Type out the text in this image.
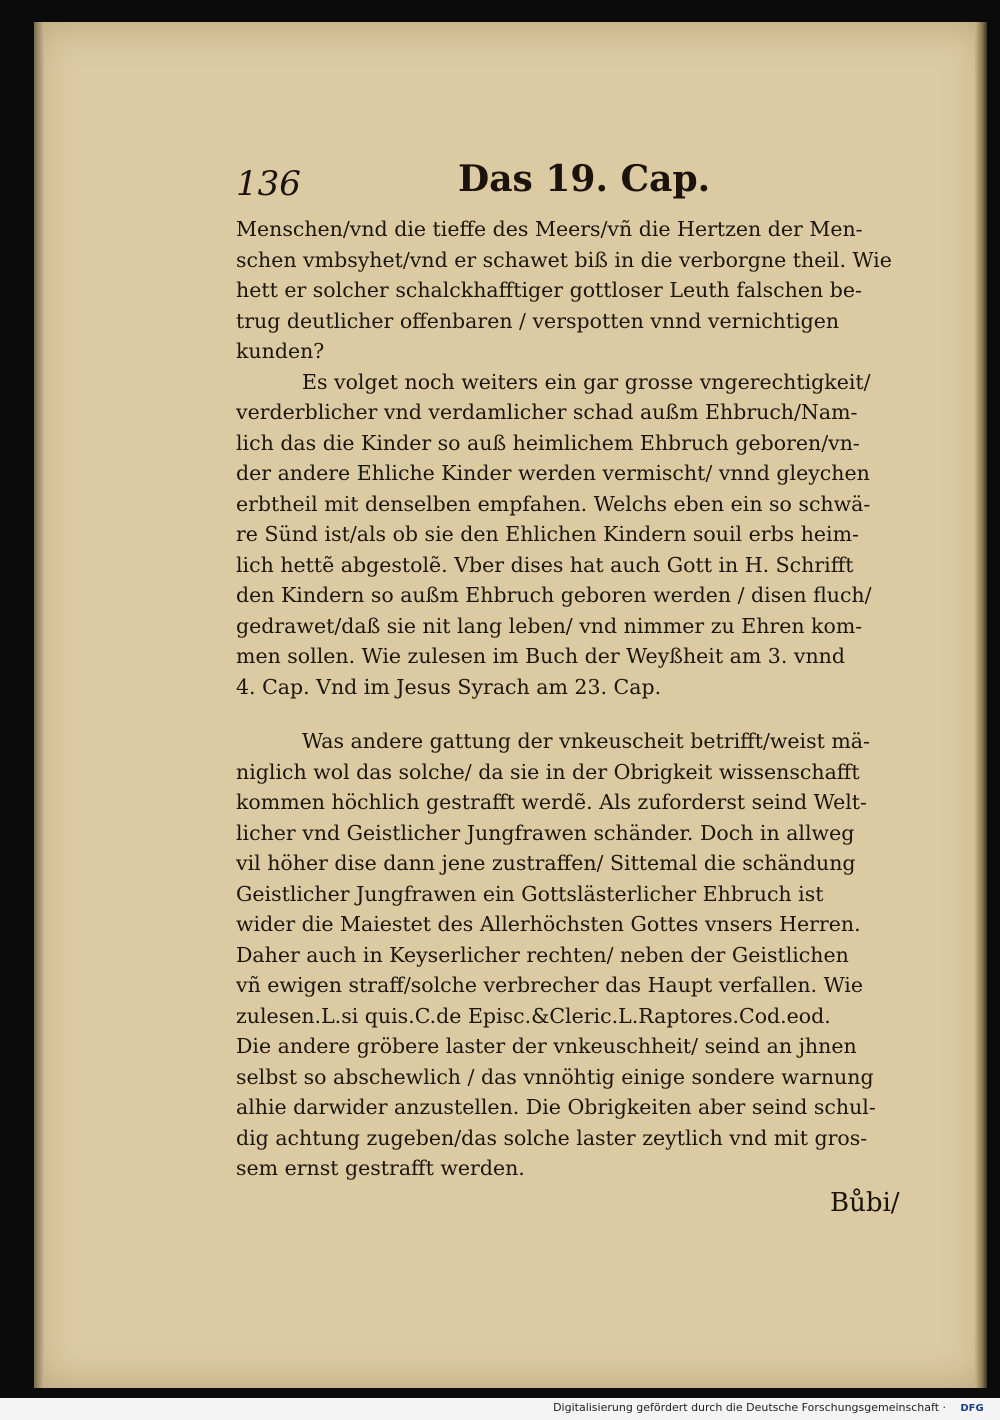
136	Das 19. Cap.
Menschen/vnd die tieffe des Meers/vñ die Hertzen der Men-
schen vmbsyhet/vnd er schawet biß in die verborgne theil. Wie
hett er solcher schalckhafftiger gottloser Leuth falschen be-
trug deutlicher offenbaren / verspotten vnnd vernichtigen
kunden?
Es volget noch weiters ein gar grosse vngerechtigkeit/
verderblicher vnd verdamlicher schad außm Ehbruch/Nam-
lich das die Kinder so auß heimlichem Ehbruch geboren/vn-
der andere Ehliche Kinder werden vermischt/ vnnd gleychen
erbtheil mit denselben empfahen. Welchs eben ein so schwä-
re Sünd ist/als ob sie den Ehlichen Kindern souil erbs heim-
lich hettẽ abgestolẽ. Vber dises hat auch Gott in H. Schrifft
den Kindern so außm Ehbruch geboren werden / disen fluch/
gedrawet/daß sie nit lang leben/ vnd nimmer zu Ehren kom-
men sollen. Wie zulesen im Buch der Weyßheit am 3. vnnd
4. Cap. Vnd im Jesus Syrach am 23. Cap.
Was andere gattung der vnkeuscheit betrifft/weist mä-
niglich wol das solche/ da sie in der Obrigkeit wissenschafft
kommen höchlich gestrafft werdẽ. Als zuforderst seind Welt-
licher vnd Geistlicher Jungfrawen schänder. Doch in allweg
vil höher dise dann jene zustraffen/ Sittemal die schändung
Geistlicher Jungfrawen ein Gottslästerlicher Ehbruch ist
wider die Maiestet des Allerhöchsten Gottes vnsers Herren.
Daher auch in Keyserlicher rechten/ neben der Geistlichen
vñ ewigen straff/solche verbrecher das Haupt verfallen. Wie
zulesen.L.si quis.C.de Episc.&Cleric.L.Raptores.Cod.eod.
Die andere gröbere laster der vnkeuschheit/ seind an jhnen
selbst so abschewlich / das vnnöhtig einige sondere warnung
alhie darwider anzustellen. Die Obrigkeiten aber seind schul-
dig achtung zugeben/das solche laster zeytlich vnd mit gros-
sem ernst gestrafft werden.
Bůbi/
Digitalisierung gefördert durch die Deutsche Forschungsgemeinschaft ·	DFG
